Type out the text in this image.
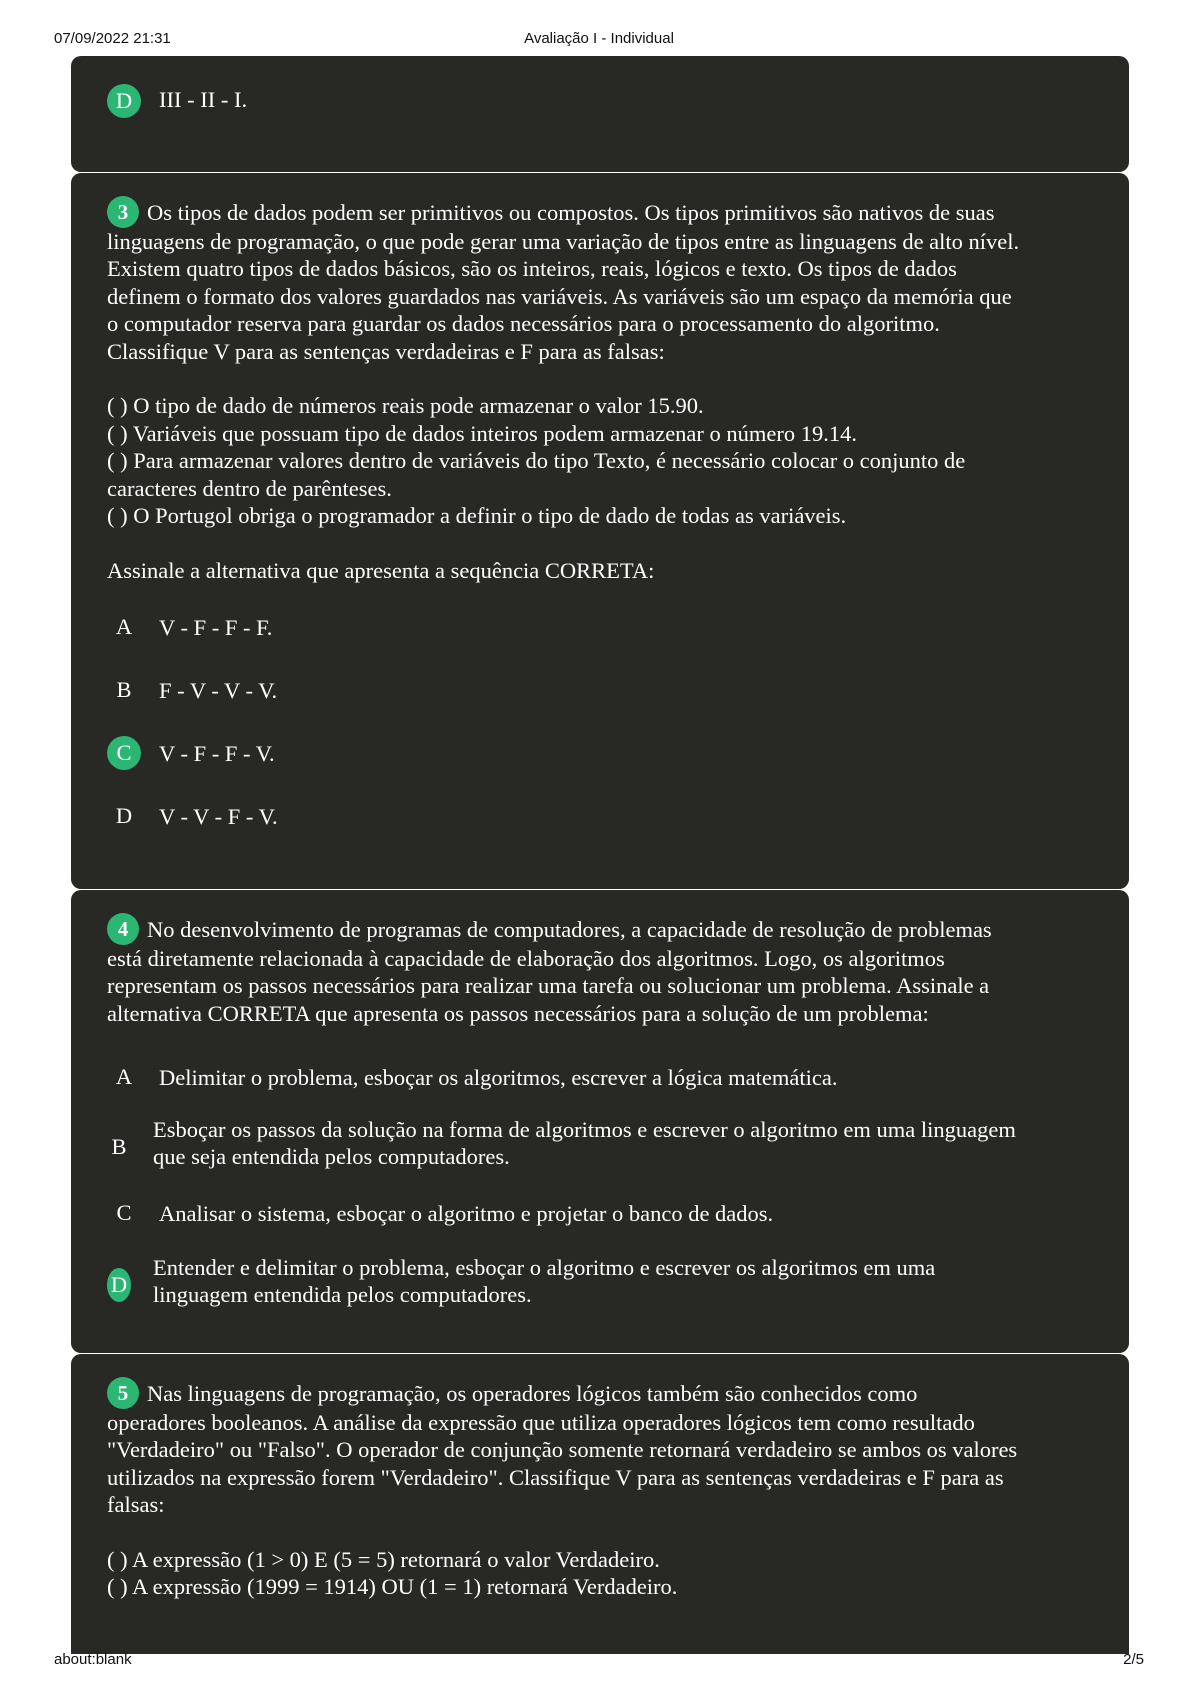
07/09/2022 21:31	Avaliação I - Individual
D	III - II - I.
3 Os tipos de dados podem ser primitivos ou compostos. Os tipos primitivos são nativos de suas
linguagens de programação, o que pode gerar uma variação de tipos entre as linguagens de alto nível.
Existem quatro tipos de dados básicos, são os inteiros, reais, lógicos e texto. Os tipos de dados
definem o formato dos valores guardados nas variáveis. As variáveis são um espaço da memória que
o computador reserva para guardar os dados necessários para o processamento do algoritmo.
Classifique V para as sentenças verdadeiras e F para as falsas:
( ) O tipo de dado de números reais pode armazenar o valor 15.90.
( ) Variáveis que possuam tipo de dados inteiros podem armazenar o número 19.14.
( ) Para armazenar valores dentro de variáveis do tipo Texto, é necessário colocar o conjunto de
caracteres dentro de parênteses.
( ) O Portugol obriga o programador a definir o tipo de dado de todas as variáveis.
Assinale a alternativa que apresenta a sequência CORRETA:
A	V - F - F - F.
B	F - V - V - V.
C	V - F - F - V.
D	V - V - F - V.
4 No desenvolvimento de programas de computadores, a capacidade de resolução de problemas
está diretamente relacionada à capacidade de elaboração dos algoritmos. Logo, os algoritmos
representam os passos necessários para realizar uma tarefa ou solucionar um problema. Assinale a
alternativa CORRETA que apresenta os passos necessários para a solução de um problema:
A	Delimitar o problema, esboçar os algoritmos, escrever a lógica matemática.
B
Esboçar os passos da solução na forma de algoritmos e escrever o algoritmo em uma linguagem
que seja entendida pelos computadores.
C	Analisar o sistema, esboçar o algoritmo e projetar o banco de dados.
D
Entender e delimitar o problema, esboçar o algoritmo e escrever os algoritmos em uma
linguagem entendida pelos computadores.
5 Nas linguagens de programação, os operadores lógicos também são conhecidos como
operadores booleanos. A análise da expressão que utiliza operadores lógicos tem como resultado
"Verdadeiro" ou "Falso". O operador de conjunção somente retornará verdadeiro se ambos os valores
utilizados na expressão forem "Verdadeiro". Classifique V para as sentenças verdadeiras e F para as
falsas:
( ) A expressão (1 > 0) E (5 = 5) retornará o valor Verdadeiro.
( ) A expressão (1999 = 1914) OU (1 = 1) retornará Verdadeiro.
about:blank	2/5
